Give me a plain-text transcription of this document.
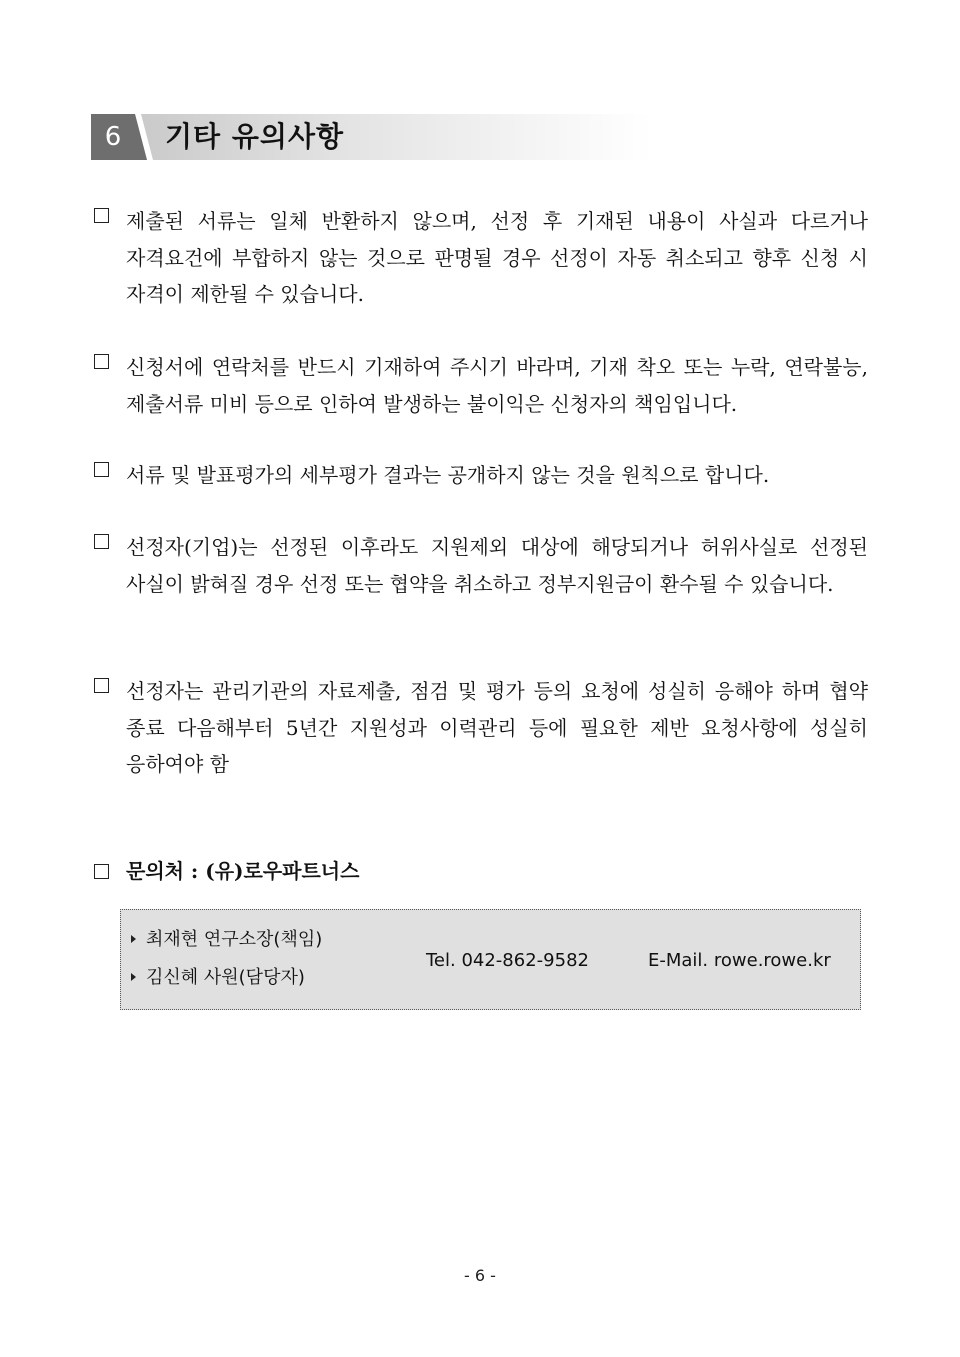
6	기타 유의사항
제출된 서류는 일체 반환하지 않으며, 선정 후 기재된 내용이 사실과 다르거나 자격요건에 부합하지 않는 것으로 판명될 경우 선정이 자동 취소되고 향후 신청 시 자격이 제한될 수 있습니다.
신청서에 연락처를 반드시 기재하여 주시기 바라며, 기재 착오 또는 누락, 연락불능, 제출서류 미비 등으로 인하여 발생하는 불이익은 신청자의 책임입니다.
서류 및 발표평가의 세부평가 결과는 공개하지 않는 것을 원칙으로 합니다.
선정자(기업)는 선정된 이후라도 지원제외 대상에 해당되거나 허위사실로 선정된 사실이 밝혀질 경우 선정 또는 협약을 취소하고 정부지원금이 환수될 수 있습니다.
선정자는 관리기관의 자료제출, 점검 및 평가 등의 요청에 성실히 응해야 하며 협약 종료 다음해부터 5년간 지원성과 이력관리 등에 필요한 제반 요청사항에 성실히 응하여야 함
문의처 : (유)로우파트너스
최재현 연구소장(책임)
김신혜 사원(담당자)
Tel. 042-862-9582	E-Mail. rowe.rowe.kr
- 6 -
